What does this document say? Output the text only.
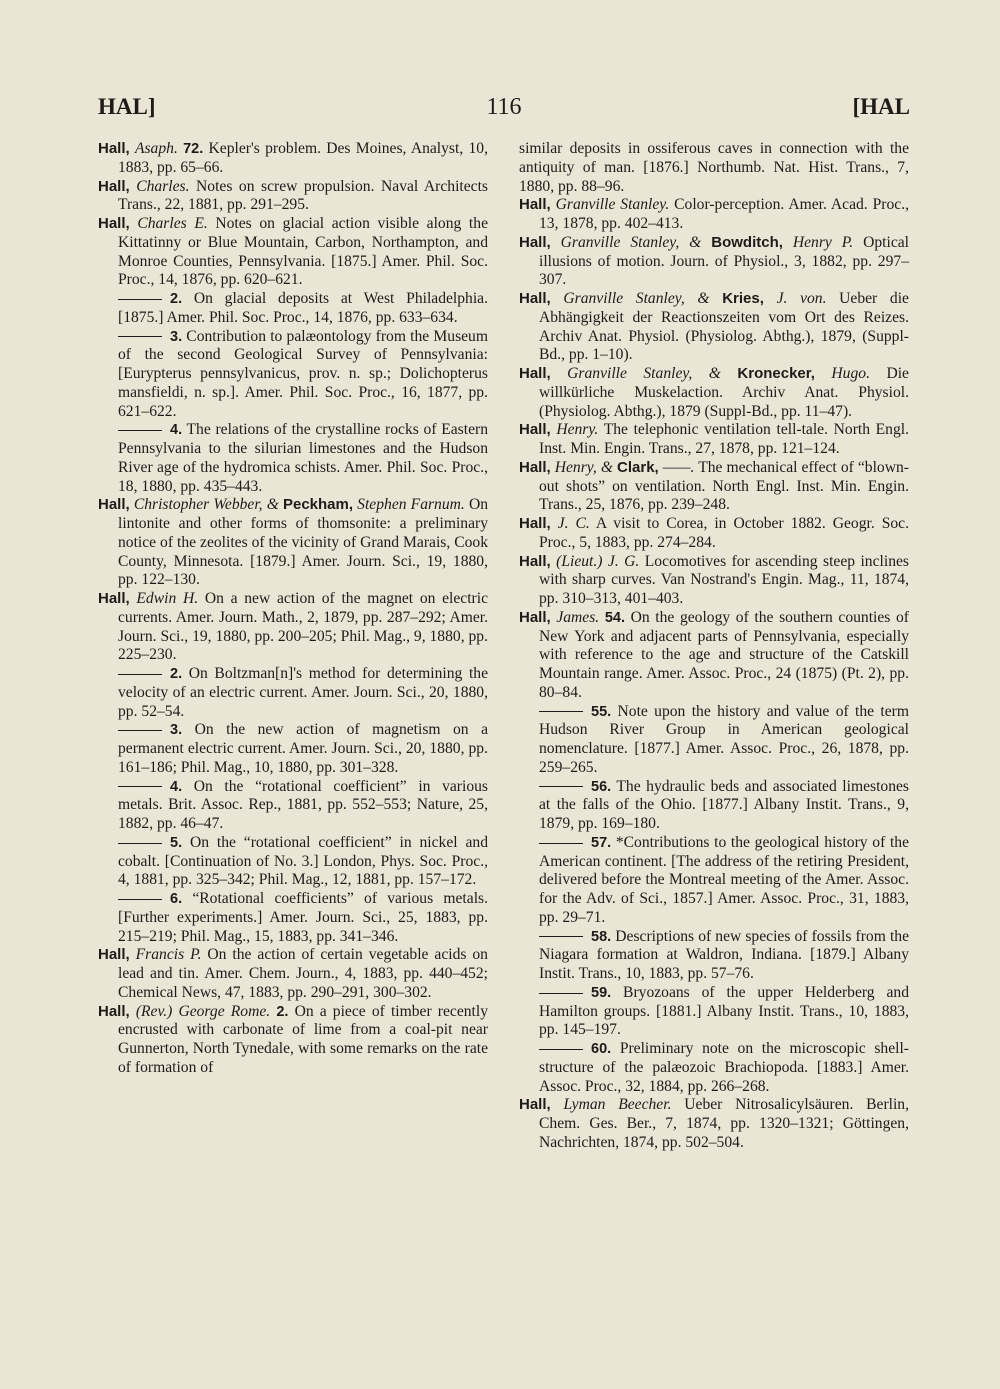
HAL]	116	[HAL

Hall, Asaph. 72. Kepler's problem. Des Moines, Analyst, 10, 1883, pp. 65–66.

Hall, Charles. Notes on screw propulsion. Naval Architects Trans., 22, 1881, pp. 291–295.

Hall, Charles E. Notes on glacial action visible along the Kittatinny or Blue Mountain, Carbon, Northampton, and Monroe Counties, Pennsylvania. [1875.] Amer. Phil. Soc. Proc., 14, 1876, pp. 620–621.

2. On glacial deposits at West Philadelphia. [1875.] Amer. Phil. Soc. Proc., 14, 1876, pp. 633–634.

3. Contribution to palæontology from the Museum of the second Geological Survey of Pennsylvania: [Eurypterus pennsylvanicus, prov. n. sp.; Dolichopterus mansfieldi, n. sp.]. Amer. Phil. Soc. Proc., 16, 1877, pp. 621–622.

4. The relations of the crystalline rocks of Eastern Pennsylvania to the silurian limestones and the Hudson River age of the hydromica schists. Amer. Phil. Soc. Proc., 18, 1880, pp. 435–443.

Hall, Christopher Webber, & Peckham, Stephen Farnum. On lintonite and other forms of thomsonite: a preliminary notice of the zeolites of the vicinity of Grand Marais, Cook County, Minnesota. [1879.] Amer. Journ. Sci., 19, 1880, pp. 122–130.

Hall, Edwin H. On a new action of the magnet on electric currents. Amer. Journ. Math., 2, 1879, pp. 287–292; Amer. Journ. Sci., 19, 1880, pp. 200–205; Phil. Mag., 9, 1880, pp. 225–230.

2. On Boltzman[n]'s method for determining the velocity of an electric current. Amer. Journ. Sci., 20, 1880, pp. 52–54.

3. On the new action of magnetism on a permanent electric current. Amer. Journ. Sci., 20, 1880, pp. 161–186; Phil. Mag., 10, 1880, pp. 301–328.

4. On the “rotational coefficient” in various metals. Brit. Assoc. Rep., 1881, pp. 552–553; Nature, 25, 1882, pp. 46–47.

5. On the “rotational coefficient” in nickel and cobalt. [Continuation of No. 3.] London, Phys. Soc. Proc., 4, 1881, pp. 325–342; Phil. Mag., 12, 1881, pp. 157–172.

6. “Rotational coefficients” of various metals. [Further experiments.] Amer. Journ. Sci., 25, 1883, pp. 215–219; Phil. Mag., 15, 1883, pp. 341–346.

Hall, Francis P. On the action of certain vegetable acids on lead and tin. Amer. Chem. Journ., 4, 1883, pp. 440–452; Chemical News, 47, 1883, pp. 290–291, 300–302.

Hall, (Rev.) George Rome. 2. On a piece of timber recently encrusted with carbonate of lime from a coal-pit near Gunnerton, North Tynedale, with some remarks on the rate of formation of

similar deposits in ossiferous caves in connection with the antiquity of man. [1876.] Northumb. Nat. Hist. Trans., 7, 1880, pp. 88–96.

Hall, Granville Stanley. Color-perception. Amer. Acad. Proc., 13, 1878, pp. 402–413.

Hall, Granville Stanley, & Bowditch, Henry P. Optical illusions of motion. Journ. of Physiol., 3, 1882, pp. 297–307.

Hall, Granville Stanley, & Kries, J. von. Ueber die Abhängigkeit der Reactionszeiten vom Ort des Reizes. Archiv Anat. Physiol. (Physiolog. Abthg.), 1879, (Suppl-Bd., pp. 1–10).

Hall, Granville Stanley, & Kronecker, Hugo. Die willkürliche Muskelaction. Archiv Anat. Physiol. (Physiolog. Abthg.), 1879 (Suppl-Bd., pp. 11–47).

Hall, Henry. The telephonic ventilation tell-tale. North Engl. Inst. Min. Engin. Trans., 27, 1878, pp. 121–124.

Hall, Henry, & Clark, ——. The mechanical effect of “blown-out shots” on ventilation. North Engl. Inst. Min. Engin. Trans., 25, 1876, pp. 239–248.

Hall, J. C. A visit to Corea, in October 1882. Geogr. Soc. Proc., 5, 1883, pp. 274–284.

Hall, (Lieut.) J. G. Locomotives for ascending steep inclines with sharp curves. Van Nostrand's Engin. Mag., 11, 1874, pp. 310–313, 401–403.

Hall, James. 54. On the geology of the southern counties of New York and adjacent parts of Pennsylvania, especially with reference to the age and structure of the Catskill Mountain range. Amer. Assoc. Proc., 24 (1875) (Pt. 2), pp. 80–84.

55. Note upon the history and value of the term Hudson River Group in American geological nomenclature. [1877.] Amer. Assoc. Proc., 26, 1878, pp. 259–265.

56. The hydraulic beds and associated limestones at the falls of the Ohio. [1877.] Albany Instit. Trans., 9, 1879, pp. 169–180.

57. *Contributions to the geological history of the American continent. [The address of the retiring President, delivered before the Montreal meeting of the Amer. Assoc. for the Adv. of Sci., 1857.] Amer. Assoc. Proc., 31, 1883, pp. 29–71.

58. Descriptions of new species of fossils from the Niagara formation at Waldron, Indiana. [1879.] Albany Instit. Trans., 10, 1883, pp. 57–76.

59. Bryozoans of the upper Helderberg and Hamilton groups. [1881.] Albany Instit. Trans., 10, 1883, pp. 145–197.

60. Preliminary note on the microscopic shell-structure of the palæozoic Brachiopoda. [1883.] Amer. Assoc. Proc., 32, 1884, pp. 266–268.

Hall, Lyman Beecher. Ueber Nitrosalicylsäuren. Berlin, Chem. Ges. Ber., 7, 1874, pp. 1320–1321; Göttingen, Nachrichten, 1874, pp. 502–504.
